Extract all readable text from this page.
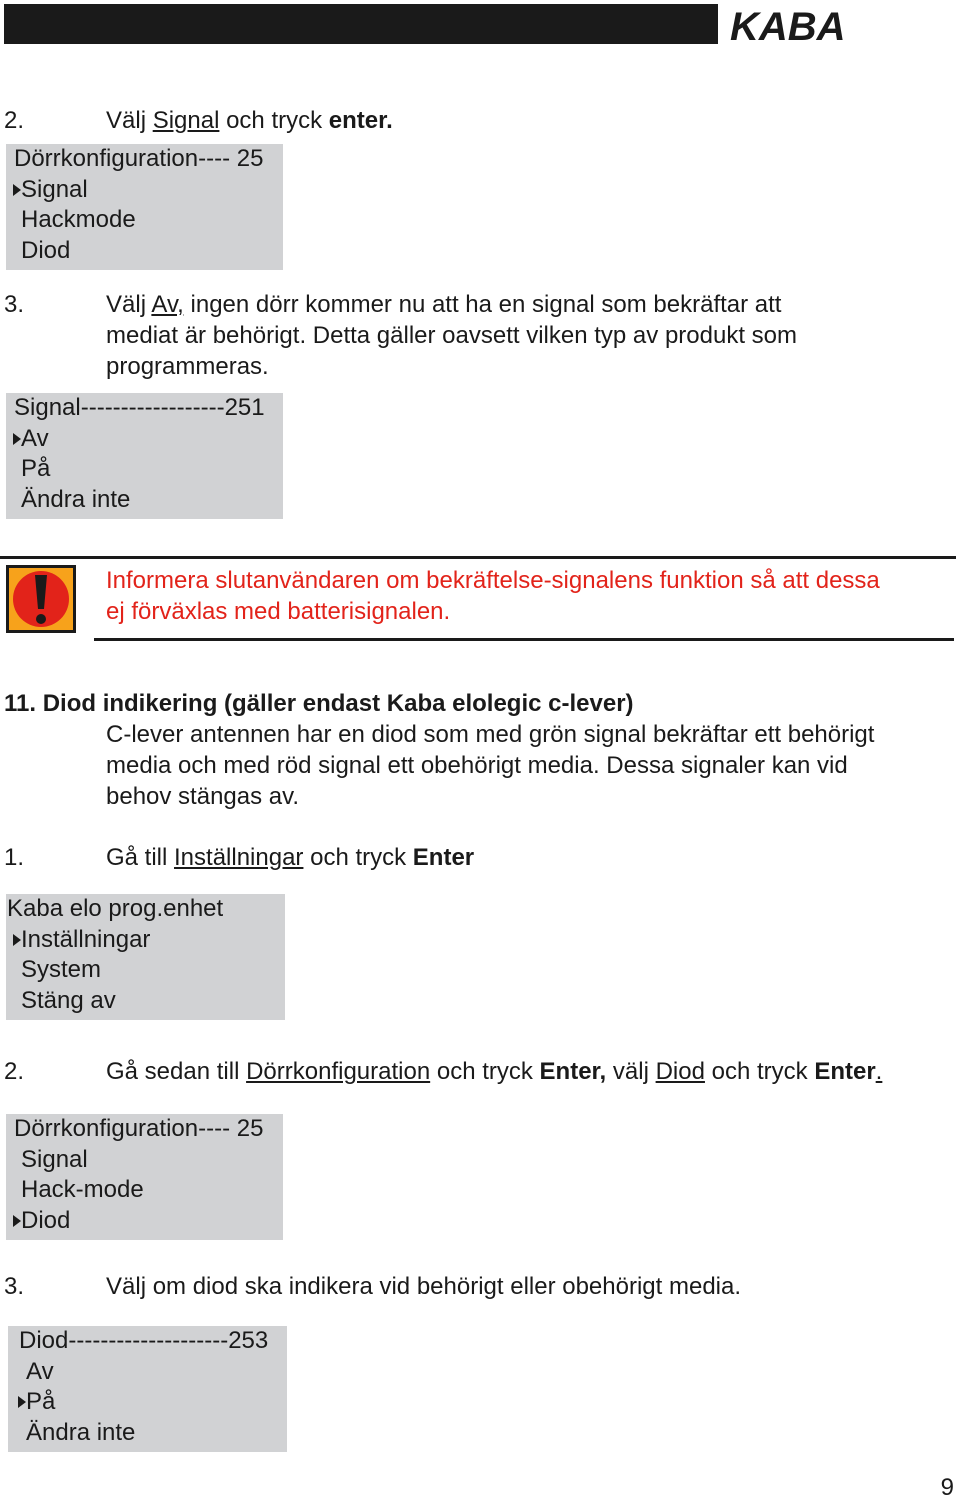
KABA
2.	Välj Signal och tryck enter.
Dörrkonfiguration---- 25
Signal
Hackmode
Diod
3.	Välj Av, ingen dörr kommer nu att ha en signal som bekräftar att
mediat är behörigt. Detta gäller oavsett vilken typ av produkt som
programmeras.
Signal------------------251
Av
På
Ändra inte
Informera slutanvändaren om bekräftelse-signalens funktion så att dessa
ej förväxlas med batterisignalen.
11. Diod indikering (gäller endast Kaba elolegic c-lever)
C-lever antennen har en diod som med grön signal bekräftar ett behörigt
media och med röd signal ett obehörigt media. Dessa signaler kan vid
behov stängas av.
1.	Gå till Inställningar och tryck Enter
Kaba elo prog.enhet
Inställningar
System
Stäng av
2.	Gå sedan till Dörrkonfiguration och tryck Enter, välj Diod och tryck Enter.
Dörrkonfiguration---- 25
Signal
Hack-mode
Diod
3.	Välj om diod ska indikera vid behörigt eller obehörigt media.
Diod--------------------253
Av
På
Ändra inte
9
